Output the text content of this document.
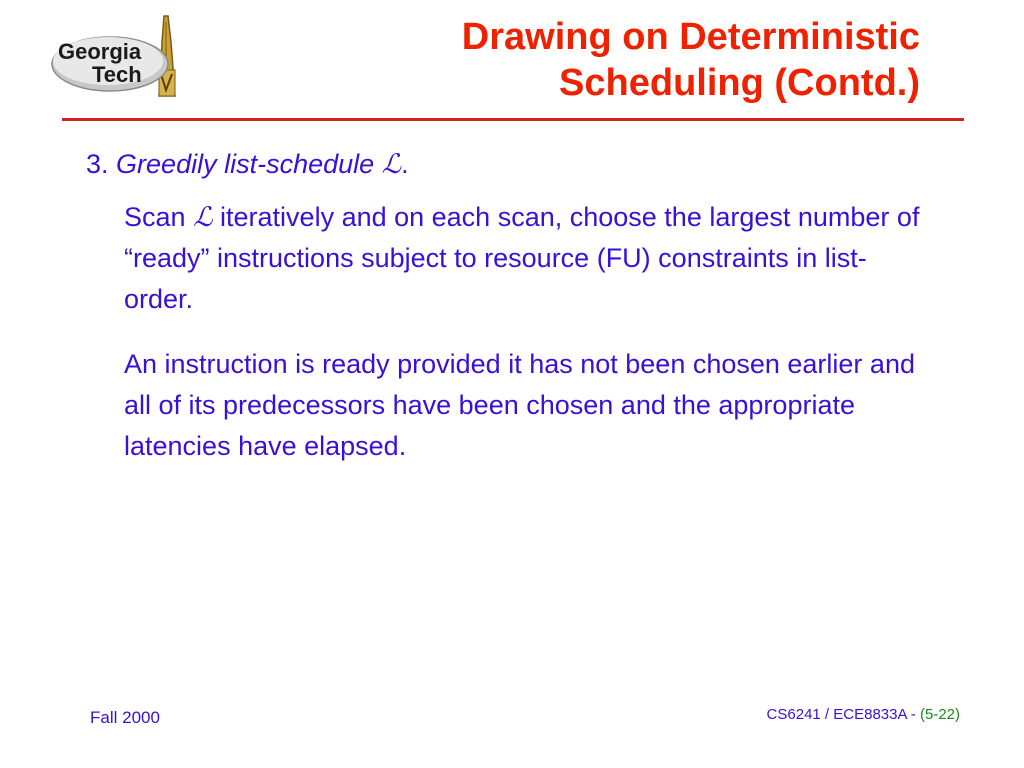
Georgia
Tech
Drawing on Deterministic
Scheduling (Contd.)

3. Greedily list-schedule ℒ.

Scan ℒ iteratively and on each scan, choose the largest number of “ready” instructions subject to resource (FU) constraints in list-order.

An instruction is ready provided it has not been chosen earlier and all of its predecessors have been chosen and the appropriate latencies have elapsed.

Fall 2000	CS6241 / ECE8833A - (5-22)
